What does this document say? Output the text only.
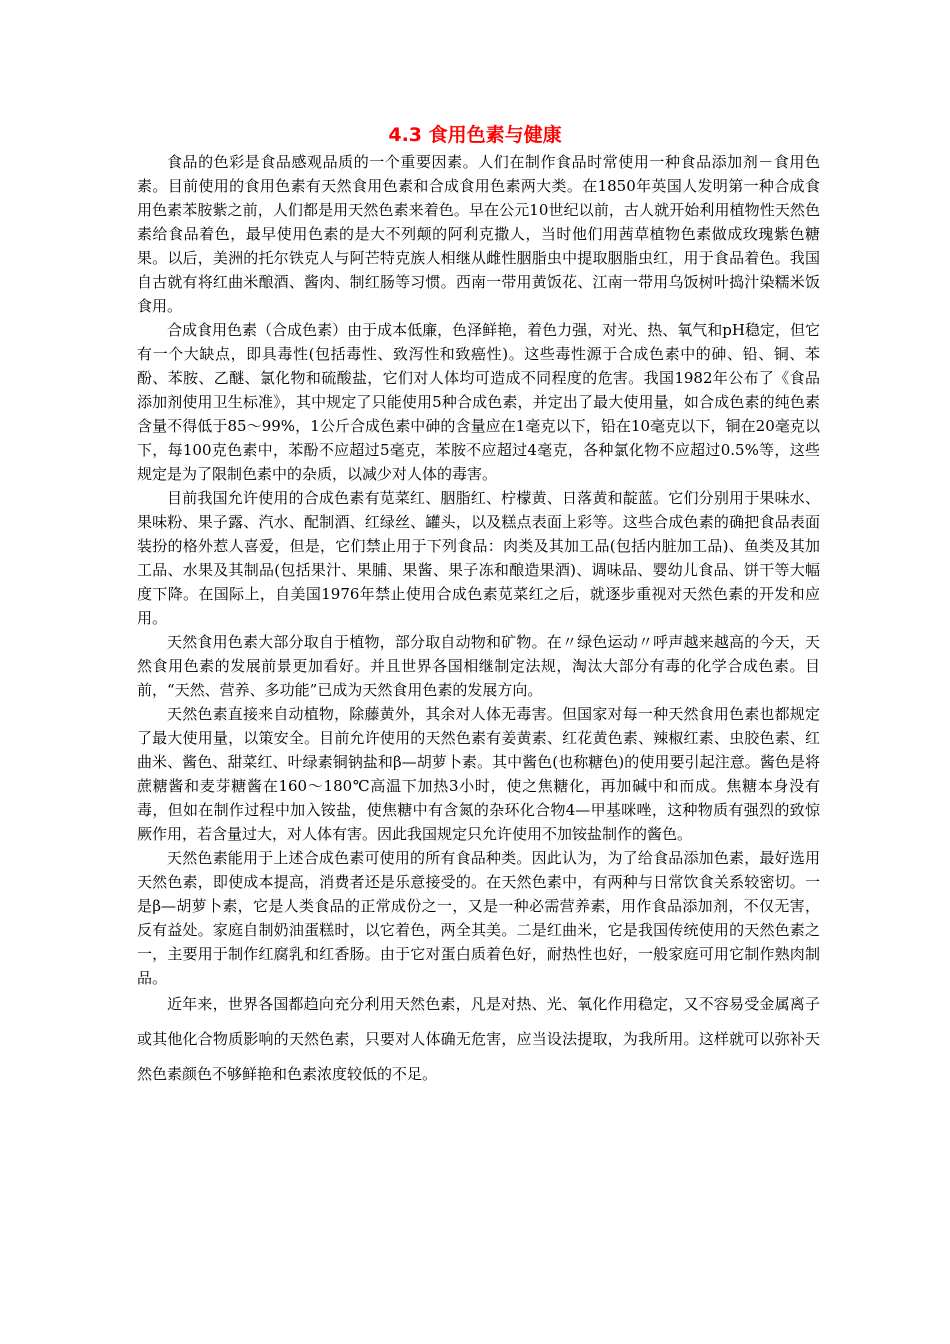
4.3 食用色素与健康

食品的色彩是食品感观品质的一个重要因素。人们在制作食品时常使用一种食品添加剂－食用色素。目前使用的食用色素有天然食用色素和合成食用色素两大类。在1850年英国人发明第一种合成食用色素苯胺紫之前，人们都是用天然色素来着色。早在公元10世纪以前，古人就开始利用植物性天然色素给食品着色，最早使用色素的是大不列颠的阿利克撒人，当时他们用茜草植物色素做成玫瑰紫色糖果。以后，美洲的托尔铁克人与阿芒特克族人相继从雌性胭脂虫中提取胭脂虫红，用于食品着色。我国自古就有将红曲米酿酒、酱肉、制红肠等习惯。西南一带用黄饭花、江南一带用乌饭树叶捣汁染糯米饭食用。

合成食用色素（合成色素）由于成本低廉，色泽鲜艳，着色力强，对光、热、氧气和pH稳定，但它有一个大缺点，即具毒性(包括毒性、致泻性和致癌性)。这些毒性源于合成色素中的砷、铅、铜、苯酚、苯胺、乙醚、氯化物和硫酸盐，它们对人体均可造成不同程度的危害。我国1982年公布了《食品添加剂使用卫生标准》，其中规定了只能使用5种合成色素，并定出了最大使用量，如合成色素的纯色素含量不得低于85～99%，1公斤合成色素中砷的含量应在1毫克以下，铅在10毫克以下，铜在20毫克以下，每100克色素中，苯酚不应超过5毫克，苯胺不应超过4毫克，各种氯化物不应超过0.5%等，这些规定是为了限制色素中的杂质，以减少对人体的毒害。

目前我国允许使用的合成色素有苋菜红、胭脂红、柠檬黄、日落黄和靛蓝。它们分别用于果味水、果味粉、果子露、汽水、配制酒、红绿丝、罐头，以及糕点表面上彩等。这些合成色素的确把食品表面装扮的格外惹人喜爱，但是，它们禁止用于下列食品：肉类及其加工品(包括内脏加工品)、鱼类及其加工品、水果及其制品(包括果汁、果脯、果酱、果子冻和酿造果酒)、调味品、婴幼儿食品、饼干等大幅度下降。在国际上，自美国1976年禁止使用合成色素苋菜红之后，就逐步重视对天然色素的开发和应用。

天然食用色素大部分取自于植物，部分取自动物和矿物。在〃绿色运动〃呼声越来越高的今天，天然食用色素的发展前景更加看好。并且世界各国相继制定法规，淘汰大部分有毒的化学合成色素。目前，“天然、营养、多功能”已成为天然食用色素的发展方向。

天然色素直接来自动植物，除藤黄外，其余对人体无毒害。但国家对每一种天然食用色素也都规定了最大使用量，以策安全。目前允许使用的天然色素有姜黄素、红花黄色素、辣椒红素、虫胶色素、红曲米、酱色、甜菜红、叶绿素铜钠盐和β—胡萝卜素。其中酱色(也称糖色)的使用要引起注意。酱色是将蔗糖酱和麦芽糖酱在160～180℃高温下加热3小时，使之焦糖化，再加碱中和而成。焦糖本身没有毒，但如在制作过程中加入铵盐，使焦糖中有含氮的杂环化合物4—甲基咪唑，这种物质有强烈的致惊厥作用，若含量过大，对人体有害。因此我国规定只允许使用不加铵盐制作的酱色。

天然色素能用于上述合成色素可使用的所有食品种类。因此认为，为了给食品添加色素，最好选用天然色素，即使成本提高，消费者还是乐意接受的。在天然色素中，有两种与日常饮食关系较密切。一是β—胡萝卜素，它是人类食品的正常成份之一，又是一种必需营养素，用作食品添加剂，不仅无害，反有益处。家庭自制奶油蛋糕时，以它着色，两全其美。二是红曲米，它是我国传统使用的天然色素之一，主要用于制作红腐乳和红香肠。由于它对蛋白质着色好，耐热性也好，一般家庭可用它制作熟肉制品。

近年来，世界各国都趋向充分利用天然色素，凡是对热、光、氧化作用稳定，又不容易受金属离子或其他化合物质影响的天然色素，只要对人体确无危害，应当设法提取，为我所用。这样就可以弥补天然色素颜色不够鲜艳和色素浓度较低的不足。
